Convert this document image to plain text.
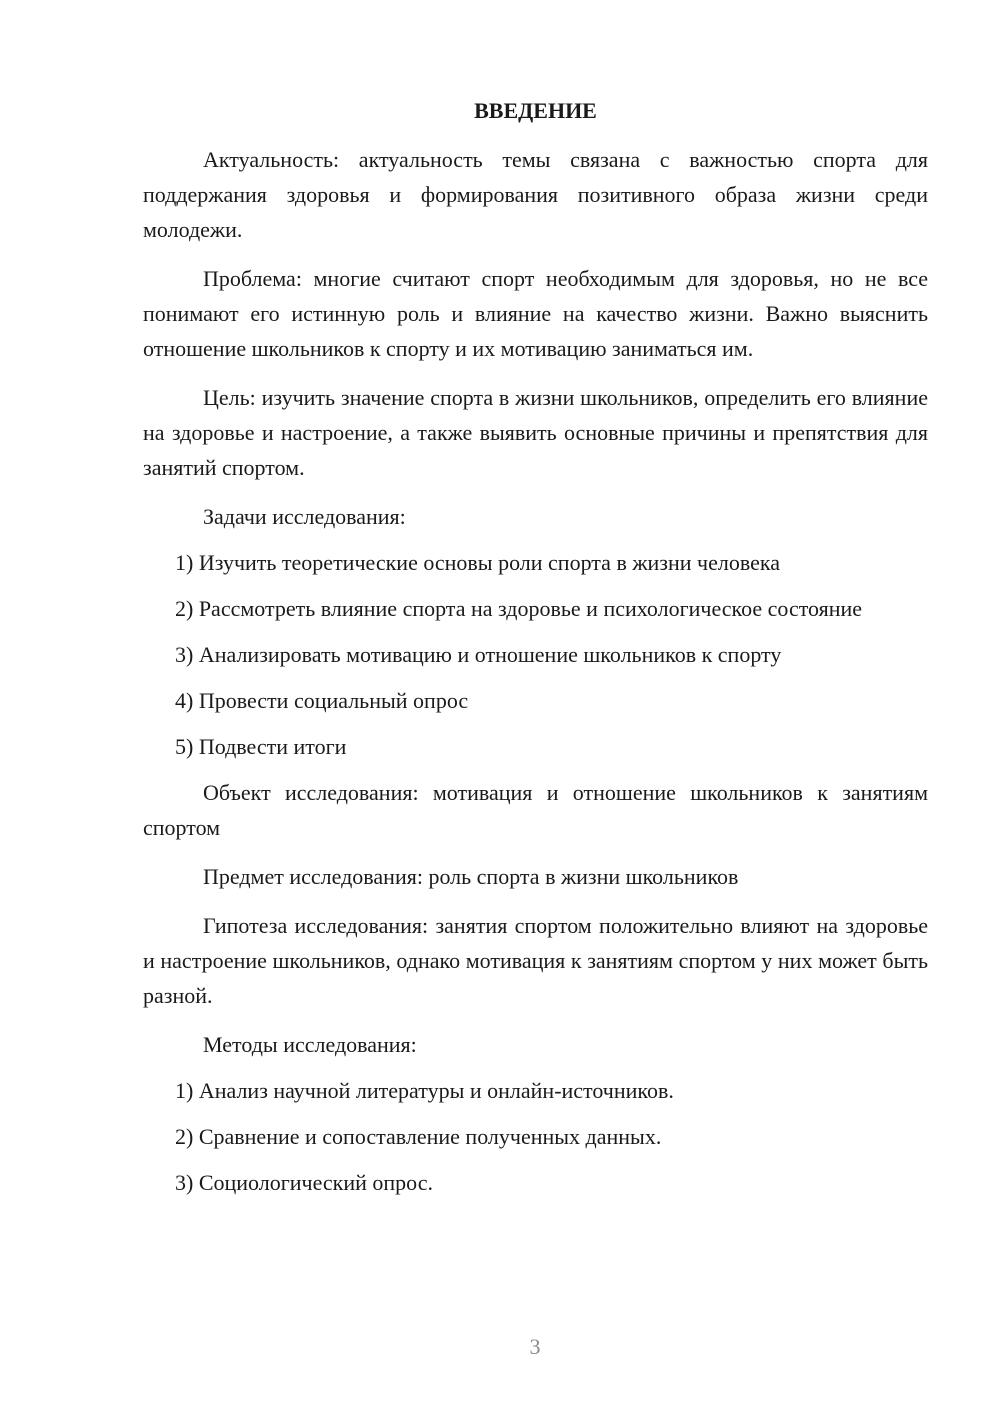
ВВЕДЕНИЕ

Актуальность: актуальность темы связана с важностью спорта для поддержания здоровья и формирования позитивного образа жизни среди молодежи.

Проблема: многие считают спорт необходимым для здоровья, но не все понимают его истинную роль и влияние на качество жизни. Важно выяснить отношение школьников к спорту и их мотивацию заниматься им.

Цель: изучить значение спорта в жизни школьников, определить его влияние на здоровье и настроение, а также выявить основные причины и препятствия для занятий спортом.

Задачи исследования:

1) Изучить теоретические основы роли спорта в жизни человека

2) Рассмотреть влияние спорта на здоровье и психологическое состояние

3) Анализировать мотивацию и отношение школьников к спорту

4) Провести социальный опрос

5) Подвести итоги

Объект исследования: мотивация и отношение школьников к занятиям спортом

Предмет исследования: роль спорта в жизни школьников

Гипотеза исследования: занятия спортом положительно влияют на здоровье и настроение школьников, однако мотивация к занятиям спортом у них может быть разной.

Методы исследования:

1) Анализ научной литературы и онлайн-источников.

2) Сравнение и сопоставление полученных данных.

3) Социологический опрос.

3
